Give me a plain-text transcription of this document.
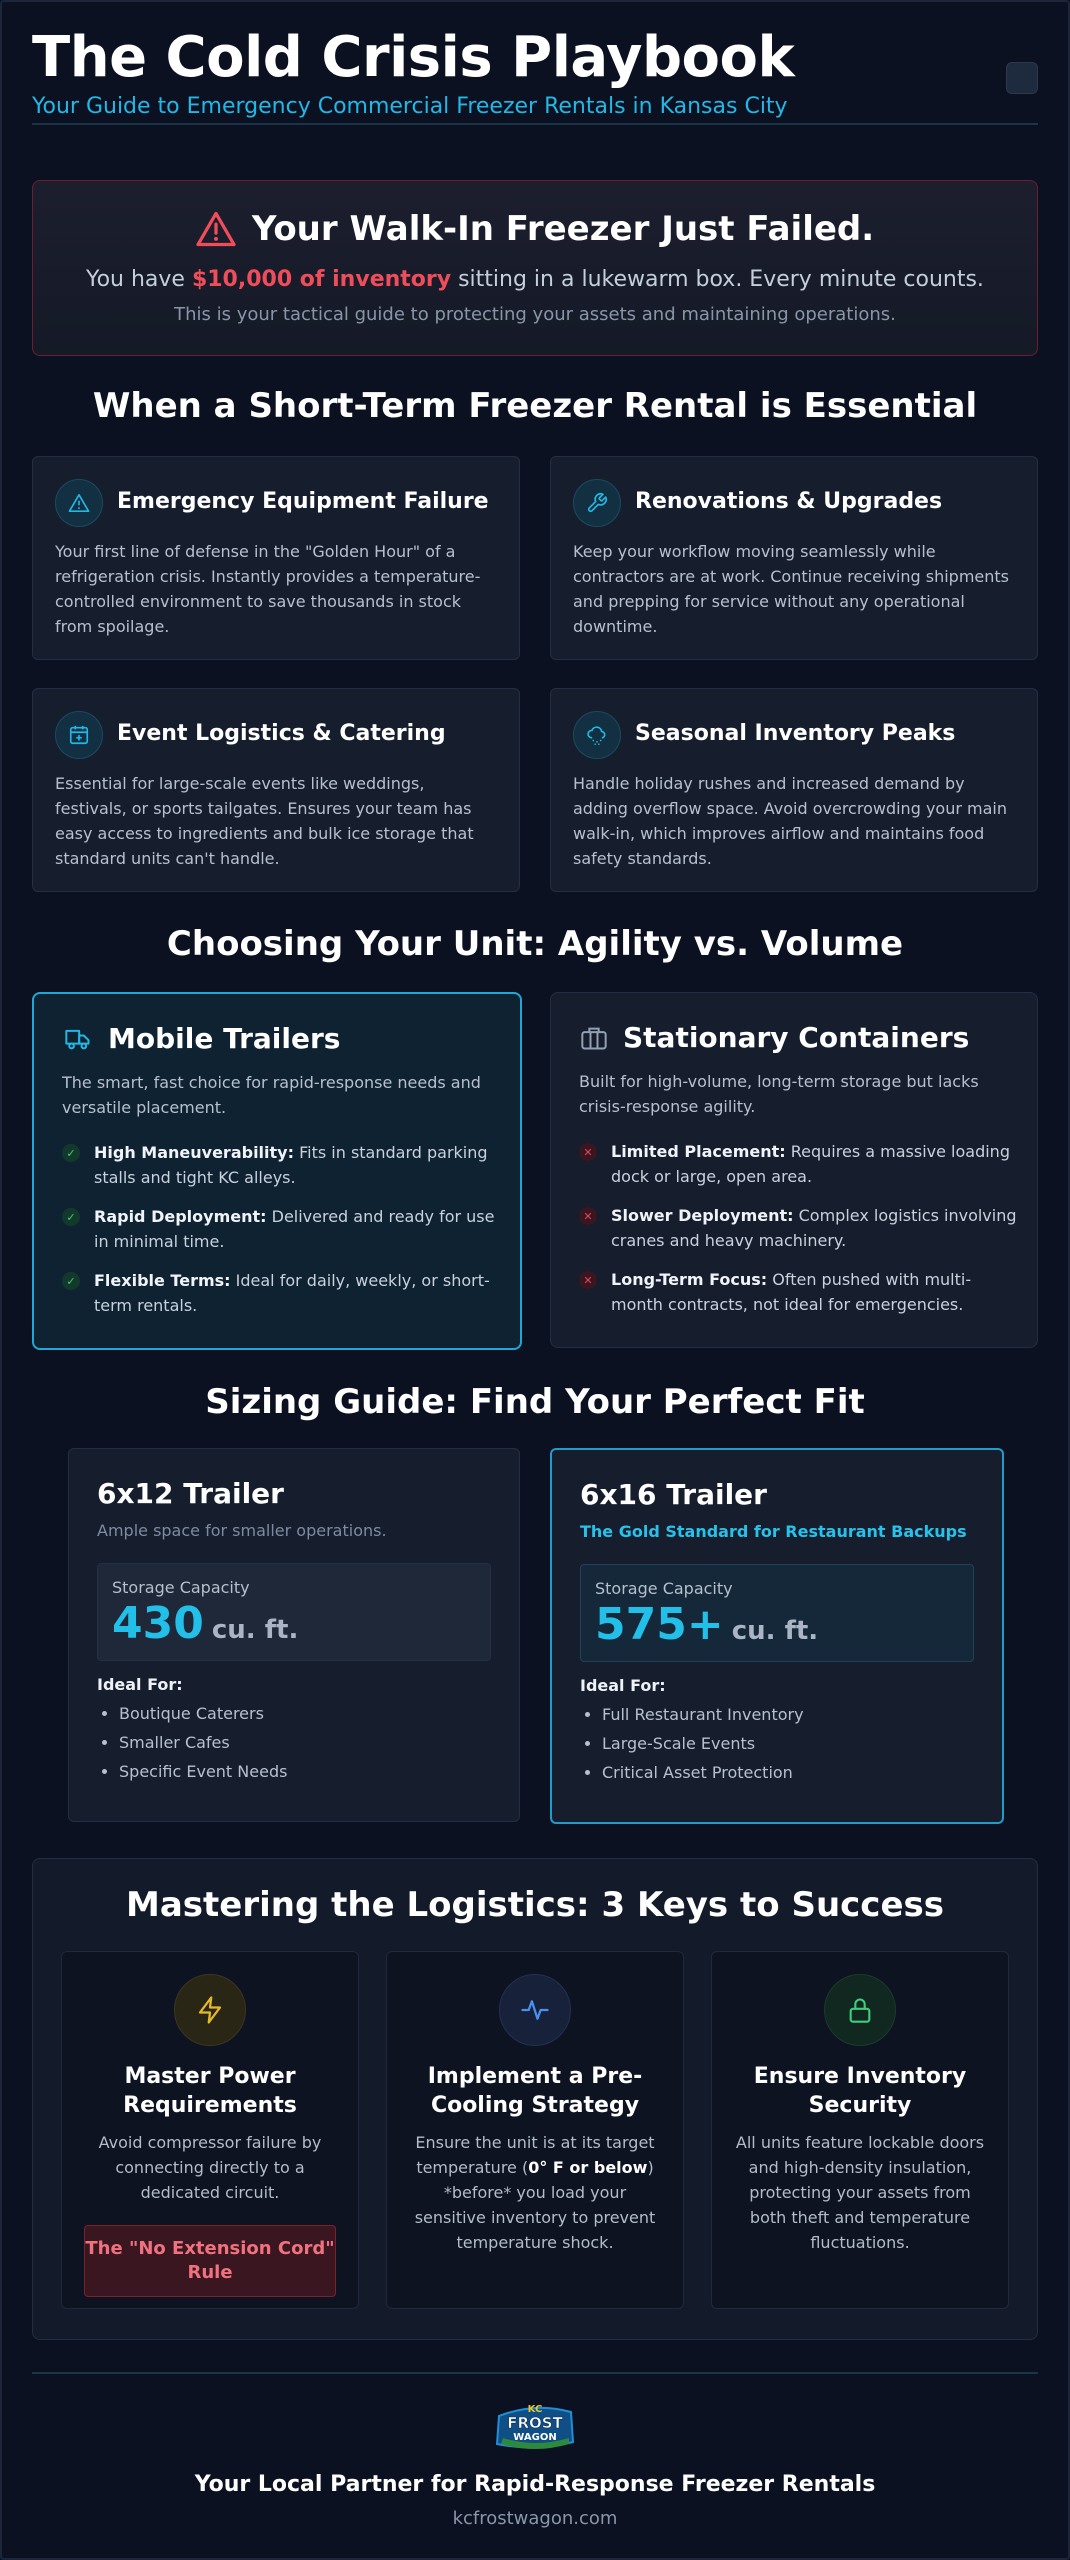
The Cold Crisis Playbook
Your Guide to Emergency Commercial Freezer Rentals in Kansas City
Your Walk-In Freezer Just Failed.
You have $10,000 of inventory sitting in a lukewarm box. Every minute counts.
This is your tactical guide to protecting your assets and maintaining operations.
When a Short-Term Freezer Rental is Essential
Emergency Equipment Failure
Your first line of defense in the "Golden Hour" of a refrigeration crisis. Instantly provides a temperature-controlled environment to save thousands in stock from spoilage.
Renovations & Upgrades
Keep your workflow moving seamlessly while contractors are at work. Continue receiving shipments and prepping for service without any operational downtime.
Event Logistics & Catering
Essential for large-scale events like weddings, festivals, or sports tailgates. Ensures your team has easy access to ingredients and bulk ice storage that standard units can't handle.
Seasonal Inventory Peaks
Handle holiday rushes and increased demand by adding overflow space. Avoid overcrowding your main walk-in, which improves airflow and maintains food safety standards.
Choosing Your Unit: Agility vs. Volume
Mobile Trailers
The smart, fast choice for rapid-response needs and versatile placement.
✓ High Maneuverability: Fits in standard parking stalls and tight KC alleys.
✓ Rapid Deployment: Delivered and ready for use in minimal time.
✓ Flexible Terms: Ideal for daily, weekly, or short-term rentals.
Stationary Containers
Built for high-volume, long-term storage but lacks crisis-response agility.
✕ Limited Placement: Requires a massive loading dock or large, open area.
✕ Slower Deployment: Complex logistics involving cranes and heavy machinery.
✕ Long-Term Focus: Often pushed with multi-month contracts, not ideal for emergencies.
Sizing Guide: Find Your Perfect Fit
6x12 Trailer
Ample space for smaller operations.
Storage Capacity
430 cu. ft.
Ideal For:
• Boutique Caterers
• Smaller Cafes
• Specific Event Needs
6x16 Trailer
The Gold Standard for Restaurant Backups
Storage Capacity
575+ cu. ft.
Ideal For:
• Full Restaurant Inventory
• Large-Scale Events
• Critical Asset Protection
Mastering the Logistics: 3 Keys to Success
Master Power Requirements
Avoid compressor failure by connecting directly to a dedicated circuit.
The "No Extension Cord" Rule
Implement a Pre-Cooling Strategy
Ensure the unit is at its target temperature (0° F or below) *before* you load your sensitive inventory to prevent temperature shock.
Ensure Inventory Security
All units feature lockable doors and high-density insulation, protecting your assets from both theft and temperature fluctuations.
KC
FROST
WAGON
Your Local Partner for Rapid-Response Freezer Rentals
kcfrostwagon.com
